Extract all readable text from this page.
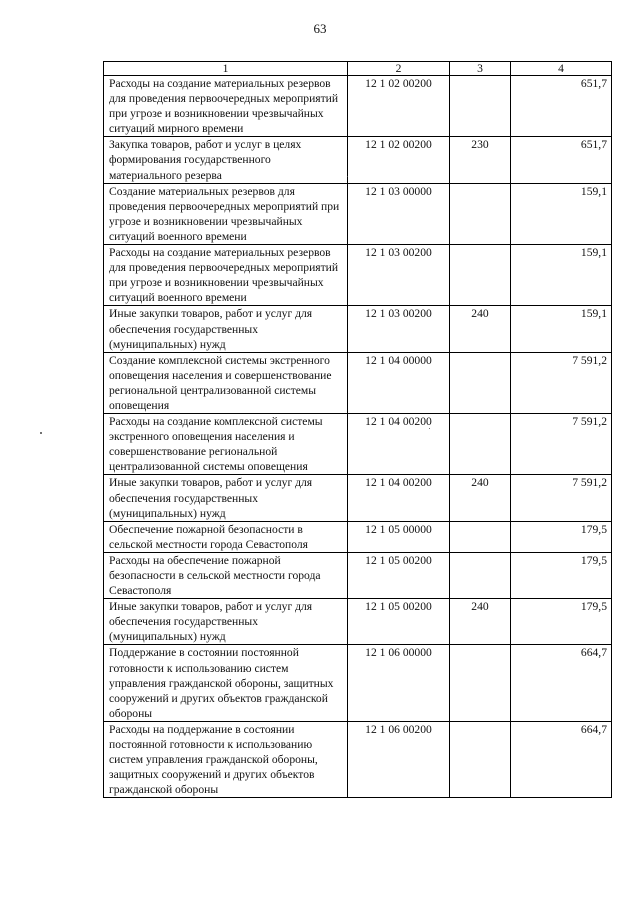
63
1	2	3	4
Расходы на создание материальных резервов для проведения первоочередных мероприятий при угрозе и возникновении чрезвычайных ситуаций мирного времени	12 1 02 00200		651,7
Закупка товаров, работ и услуг в целях формирования государственного материального резерва	12 1 02 00200	230	651,7
Создание материальных резервов для проведения первоочередных мероприятий при угрозе и возникновении чрезвычайных ситуаций военного времени	12 1 03 00000		159,1
Расходы на создание материальных резервов для проведения первоочередных мероприятий при угрозе и возникновении чрезвычайных ситуаций военного времени	12 1 03 00200		159,1
Иные закупки товаров, работ и услуг для обеспечения государственных (муниципальных) нужд	12 1 03 00200	240	159,1
Создание комплексной системы экстренного оповещения населения и совершенствование региональной централизованной системы оповещения	12 1 04 00000		7 591,2
Расходы на создание комплексной системы экстренного оповещения населения и совершенствование региональной централизованной системы оповещения	12 1 04 00200		7 591,2
Иные закупки товаров, работ и услуг для обеспечения государственных (муниципальных) нужд	12 1 04 00200	240	7 591,2
Обеспечение пожарной безопасности в сельской местности города Севастополя	12 1 05 00000		179,5
Расходы на обеспечение пожарной безопасности в сельской местности города Севастополя	12 1 05 00200		179,5
Иные закупки товаров, работ и услуг для обеспечения государственных (муниципальных) нужд	12 1 05 00200	240	179,5
Поддержание в состоянии постоянной готовности к использованию систем управления гражданской обороны, защитных сооружений и других объектов гражданской обороны	12 1 06 00000		664,7
Расходы на поддержание в состоянии постоянной готовности к использованию систем управления гражданской обороны, защитных сооружений и других объектов гражданской обороны	12 1 06 00200		664,7
